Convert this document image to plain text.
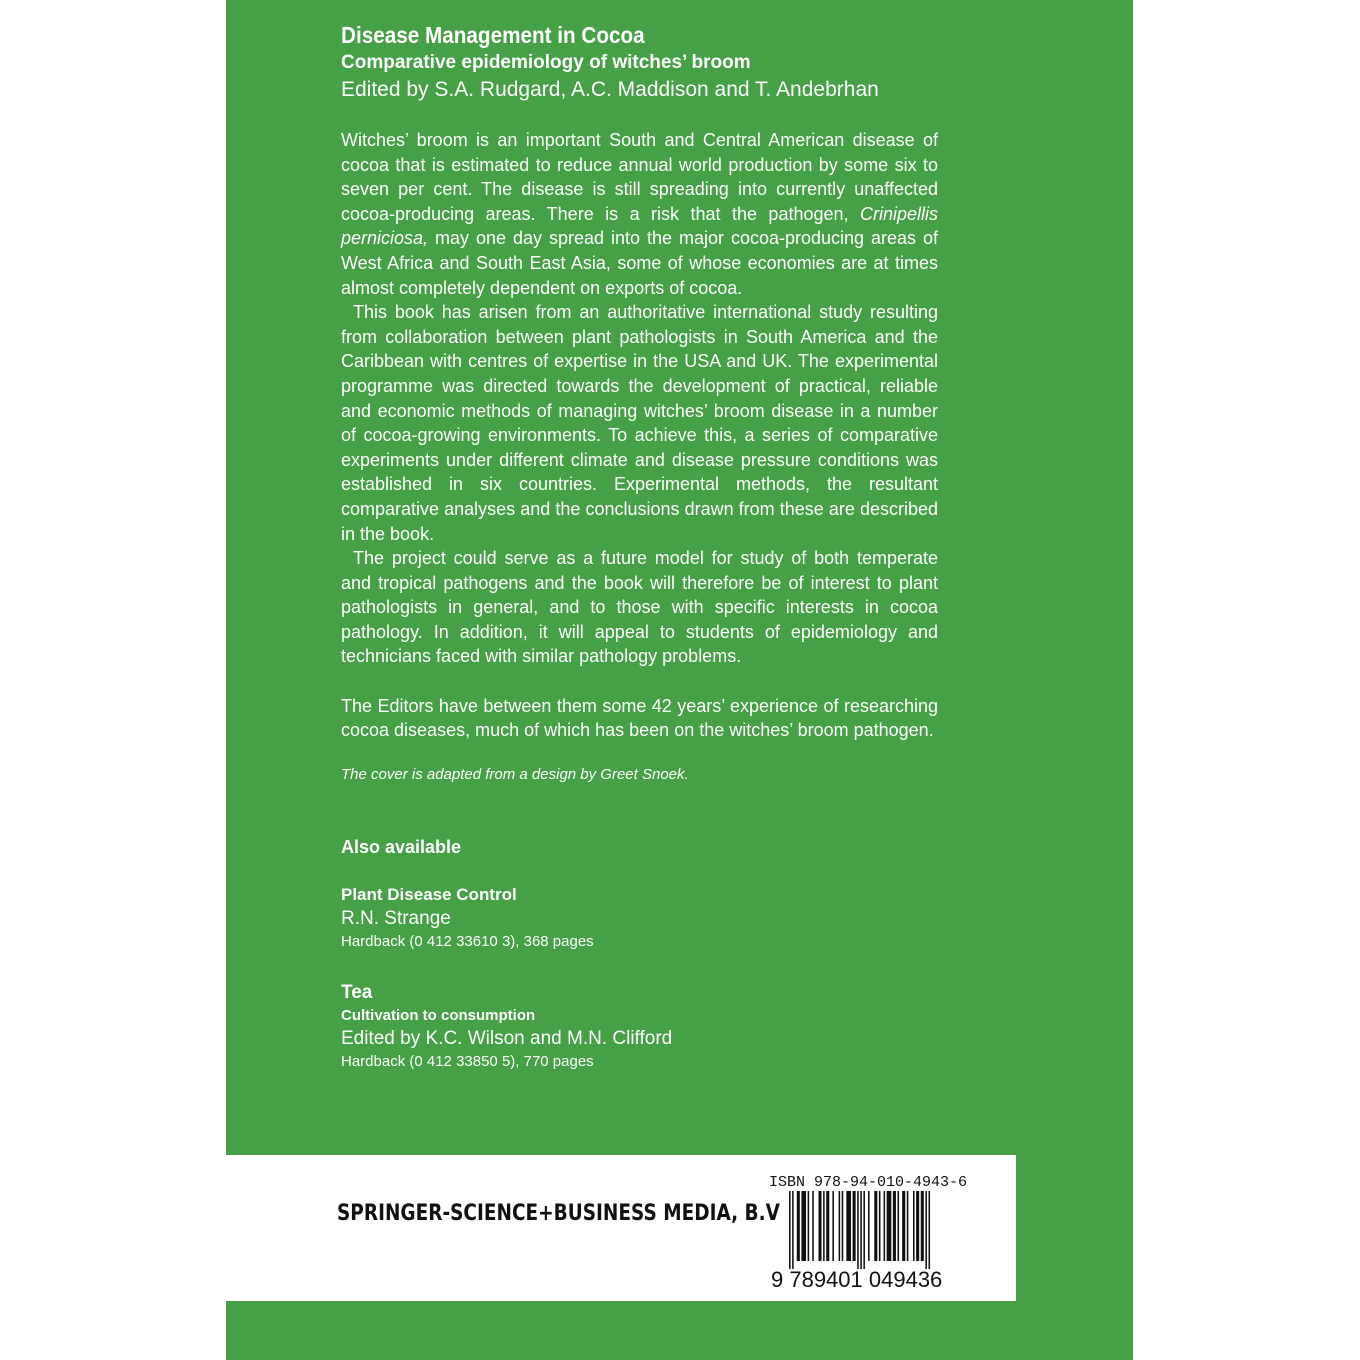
Disease Management in Cocoa
Comparative epidemiology of witches’ broom
Edited by S.A. Rudgard, A.C. Maddison and T. Andebrhan

Witches’ broom is an important South and Central American disease of cocoa that is estimated to reduce annual world production by some six to seven per cent. The disease is still spreading into currently unaffected cocoa-producing areas. There is a risk that the pathogen, Crinipellis perniciosa, may one day spread into the major cocoa-producing areas of West Africa and South East Asia, some of whose economies are at times almost completely dependent on exports of cocoa.

This book has arisen from an authoritative international study resulting from collaboration between plant pathologists in South America and the Caribbean with centres of expertise in the USA and UK. The experimental programme was directed towards the development of practical, reliable and economic methods of managing witches’ broom disease in a number of cocoa-growing environments. To achieve this, a series of comparative experiments under different climate and disease pressure conditions was established in six countries. Experimental methods, the resultant comparative analyses and the conclusions drawn from these are described in the book.

The project could serve as a future model for study of both temperate and tropical pathogens and the book will therefore be of interest to plant pathologists in general, and to those with specific interests in cocoa pathology. In addition, it will appeal to students of epidemiology and technicians faced with similar pathology problems.

The Editors have between them some 42 years’ experience of researching cocoa diseases, much of which has been on the witches’ broom pathogen.

The cover is adapted from a design by Greet Snoek.
Also available
Plant Disease Control
R.N. Strange
Hardback (0 412 33610 3), 368 pages
Tea
Cultivation to consumption
Edited by K.C. Wilson and M.N. Clifford
Hardback (0 412 33850 5), 770 pages
SPRINGER-SCIENCE+BUSINESS MEDIA, B.V
ISBN 978-94-010-4943-6
9 789401 049436
